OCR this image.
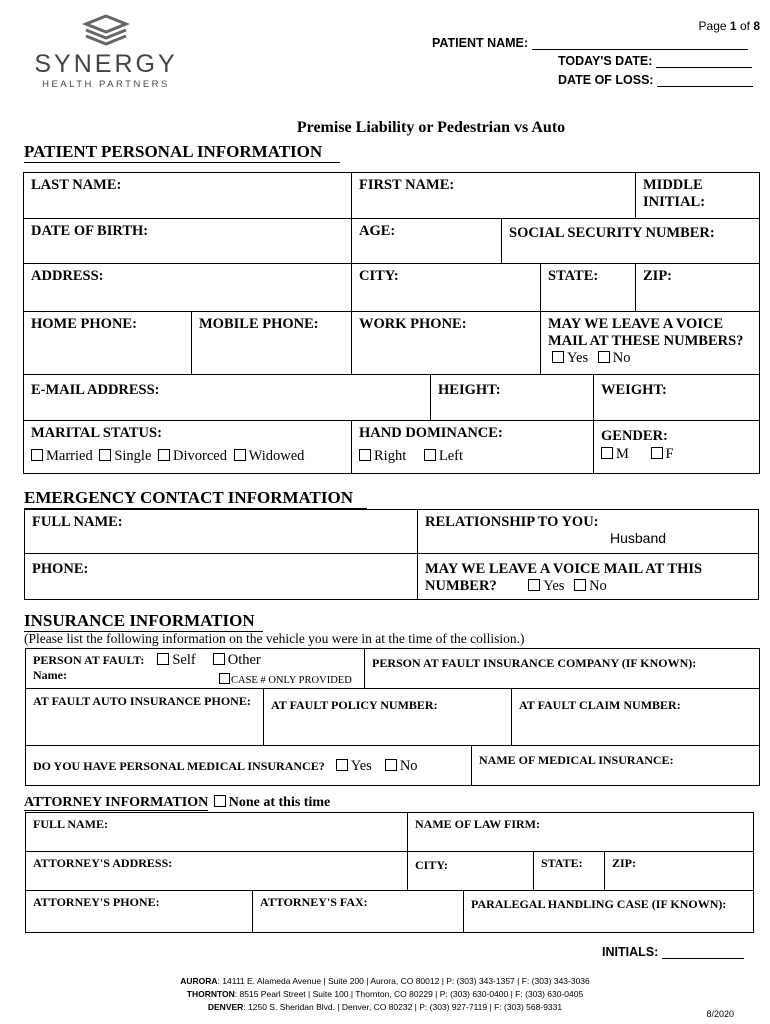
SYNERGY
HEALTH PARTNERS
Page 1 of 8
PATIENT NAME:
TODAY'S DATE:
DATE OF LOSS:
Premise Liability or Pedestrian vs Auto
PATIENT PERSONAL INFORMATION
LAST NAME:	FIRST NAME:	MIDDLE INITIAL:
DATE OF BIRTH:	AGE:	SOCIAL SECURITY NUMBER:
ADDRESS:	CITY:	STATE:	ZIP:
HOME PHONE:	MOBILE PHONE:	WORK PHONE:	MAY WE LEAVE A VOICE MAIL AT THESE NUMBERS? Yes No
E-MAIL ADDRESS:	HEIGHT:	WEIGHT:
MARITAL STATUS:

Married Single Divorced Widowed
HAND DOMINANCE:

Right Left
GENDER:

M	F
EMERGENCY CONTACT INFORMATION
FULL NAME:	RELATIONSHIP TO YOU:
Husband
PHONE:	MAY WE LEAVE A VOICE MAIL AT THIS NUMBER?	Yes No
INSURANCE INFORMATION
(Please list the following information on the vehicle you were in at the time of the collision.)
PERSON AT FAULT: Self Other
Name:	CASE # ONLY PROVIDED
PERSON AT FAULT INSURANCE COMPANY (IF KNOWN):
AT FAULT AUTO INSURANCE PHONE:	AT FAULT POLICY NUMBER:	AT FAULT CLAIM NUMBER:
DO YOU HAVE PERSONAL MEDICAL INSURANCE? Yes No	NAME OF MEDICAL INSURANCE:
ATTORNEY INFORMATION None at this time
FULL NAME:	NAME OF LAW FIRM:
ATTORNEY'S ADDRESS:	CITY:	STATE:	ZIP:
ATTORNEY'S PHONE:	ATTORNEY'S FAX:	PARALEGAL HANDLING CASE (IF KNOWN):
INITIALS:
AURORA: 14111 E. Alameda Avenue | Suite 200 | Aurora, CO 80012 | P: (303) 343-1357 | F: (303) 343-3036
THORNTON: 8515 Pearl Street | Suite 100 | Thornton, CO 80229 | P: (303) 630-0400 | F: (303) 630-0405
DENVER: 1250 S. Sheridan Blvd. | Denver, CO 80232 | P: (303) 927-7119 | F: (303) 568-9331
8/2020
